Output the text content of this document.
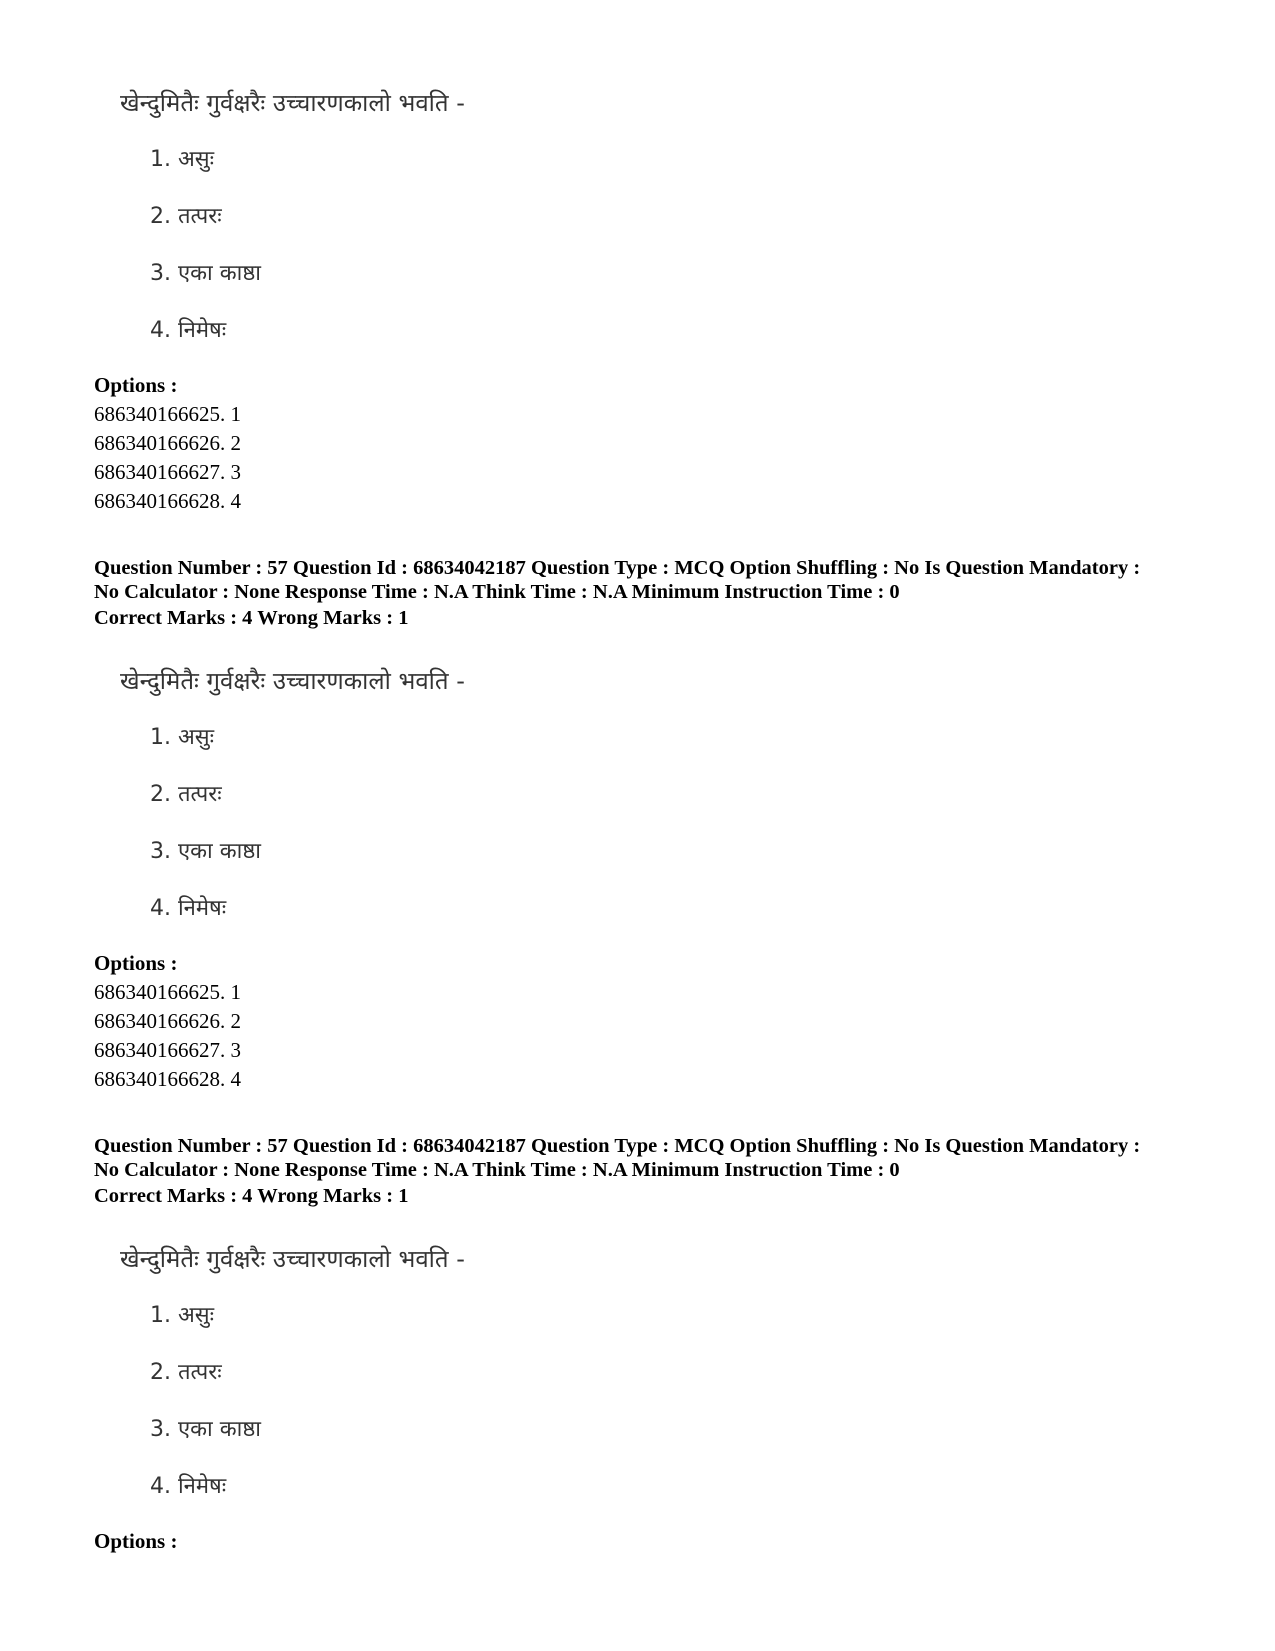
खेन्दुमितैः गुर्वक्षरैः उच्चारणकालो भवति -
1. असुः
2. तत्परः
3. एका काष्ठा
4. निमेषः
Options :
686340166625. 1
686340166626. 2
686340166627. 3
686340166628. 4
Question Number : 57 Question Id : 68634042187 Question Type : MCQ Option Shuffling : No Is Question Mandatory :
No Calculator : None Response Time : N.A Think Time : N.A Minimum Instruction Time : 0
Correct Marks : 4 Wrong Marks : 1
खेन्दुमितैः गुर्वक्षरैः उच्चारणकालो भवति -
1. असुः
2. तत्परः
3. एका काष्ठा
4. निमेषः
Options :
686340166625. 1
686340166626. 2
686340166627. 3
686340166628. 4
Question Number : 57 Question Id : 68634042187 Question Type : MCQ Option Shuffling : No Is Question Mandatory :
No Calculator : None Response Time : N.A Think Time : N.A Minimum Instruction Time : 0
Correct Marks : 4 Wrong Marks : 1
खेन्दुमितैः गुर्वक्षरैः उच्चारणकालो भवति -
1. असुः
2. तत्परः
3. एका काष्ठा
4. निमेषः
Options :
